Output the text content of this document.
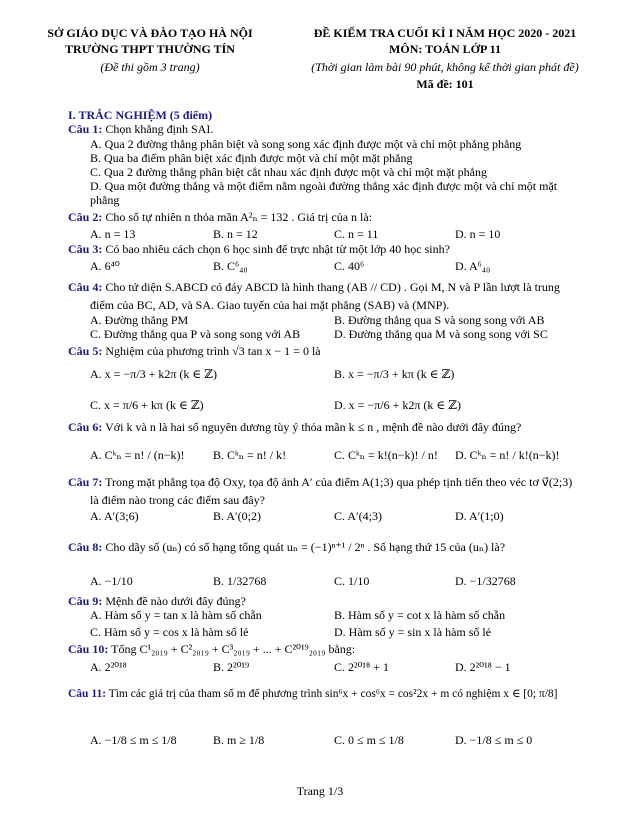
SỞ GIÁO DỤC VÀ ĐÀO TẠO HÀ NỘI
TRƯỜNG THPT THƯỜNG TÍN
(Đề thi gồm 3 trang)
ĐỀ KIỂM TRA CUỐI KÌ I NĂM HỌC 2020 - 2021
MÔN: TOÁN LỚP 11
(Thời gian làm bài 90 phút, không kể thời gian phát đề)
Mã đề: 101
I. TRẮC NGHIỆM (5 điểm)
Câu 1: Chọn khẳng định SAI.
A. Qua 2 đường thẳng phân biệt và song song xác định được một và chỉ một phẳng phẳng
B. Qua ba điểm phân biệt xác định được một và chỉ một mặt phẳng
C. Qua 2 đường thẳng phân biệt cắt nhau xác định được một và chỉ một mặt phẳng
D. Qua một đường thẳng và một điểm nằm ngoài đường thẳng xác định được một và chỉ một mặt
phẳng
Câu 2: Cho số tự nhiên n thỏa mãn A²ₙ = 132 . Giá trị của n là:
A. n = 13	B. n = 12	C. n = 11	D. n = 10
Câu 3: Có bao nhiêu cách chọn 6 học sinh để trực nhật từ một lớp 40 học sinh?
A. 6⁴⁰	B. C⁶₄₀	C. 40⁶	D. A⁶₄₀
Câu 4: Cho tứ diện S.ABCD có đáy ABCD là hình thang (AB // CD) . Gọi M, N và P lần lượt là trung
điểm của BC, AD, và SA. Giao tuyến của hai mặt phẳng (SAB) và (MNP).
A. Đường thẳng PM	B. Đường thẳng qua S và song song với AB
C. Đường thẳng qua P và song song với AB	D. Đường thẳng qua M và song song với SC
Câu 5: Nghiệm của phương trình √3 tan x − 1 = 0 là
A. x = −π/3 + k2π (k ∈ ℤ)	B. x = −π/3 + kπ (k ∈ ℤ)
C. x = π/6 + kπ (k ∈ ℤ)	D. x = −π/6 + k2π (k ∈ ℤ)
Câu 6: Với k và n là hai số nguyên dương tùy ý thỏa mãn k ≤ n , mệnh đề nào dưới đây đúng?
A. Cᵏₙ = n! / (n−k)! B. Cᵏₙ = n! / k!	C. Cᵏₙ = k!(n−k)! / n! D. Cᵏₙ = n! / k!(n−k)!
Câu 7: Trong mặt phẳng tọa độ Oxy, tọa độ ảnh A′ của điểm A(1;3) qua phép tịnh tiến theo véc tơ v⃗(2;3)
là điểm nào trong các điểm sau đây?
A. A′(3;6)	B. A′(0;2)	C. A′(4;3)	D. A′(1;0)
Câu 8: Cho dãy số (uₙ) có số hạng tổng quát uₙ = (−1)ⁿ⁺¹ / 2ⁿ . Số hạng thứ 15 của (uₙ) là?
A. −1/10	B. 1/32768	C. 1/10	D. −1/32768
Câu 9: Mệnh đề nào dưới đây đúng?
A. Hàm số y = tan x là hàm số chẵn	B. Hàm số y = cot x là hàm số chẵn
C. Hàm số y = cos x là hàm số lẻ	D. Hàm số y = sin x là hàm số lẻ
Câu 10: Tổng C¹₂₀₁₉ + C²₂₀₁₉ + C³₂₀₁₉ + ... + C²⁰¹⁹₂₀₁₉ bằng:
A. 2²⁰¹⁸	B. 2²⁰¹⁹	C. 2²⁰¹⁸ + 1	D. 2²⁰¹⁸ − 1
Câu 11: Tìm các giá trị của tham số m để phương trình sin⁶x + cos⁶x = cos²2x + m có nghiệm x ∈ [0; π/8]
A. −1/8 ≤ m ≤ 1/8	B. m ≥ 1/8	C. 0 ≤ m ≤ 1/8	D. −1/8 ≤ m ≤ 0
Trang 1/3
